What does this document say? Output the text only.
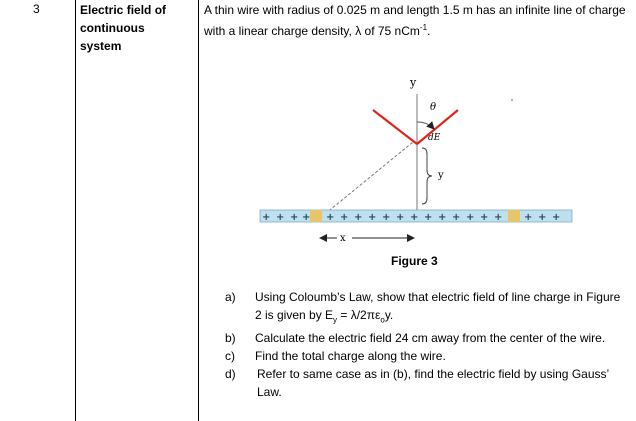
3	Electric field of
continuous
system
A thin wire with radius of 0.025 m and length 1.5 m has an infinite line of charge with a linear charge density, λ of 75 nCm$^{-1}$.
y
θ
dE
y
+ + + + + + + + + + + + + + + + + + + +
x
Figure 3
a) Using Coloumb’s Law, show that electric field of line charge in Figure 2 is given by $E_y = \lambda/2\pi\varepsilon_oy$.
b) Calculate the electric field 24 cm away from the center of the wire.
c) Find the total charge along the wire.
d) Refer to same case as in (b), find the electric field by using Gauss’ Law.
